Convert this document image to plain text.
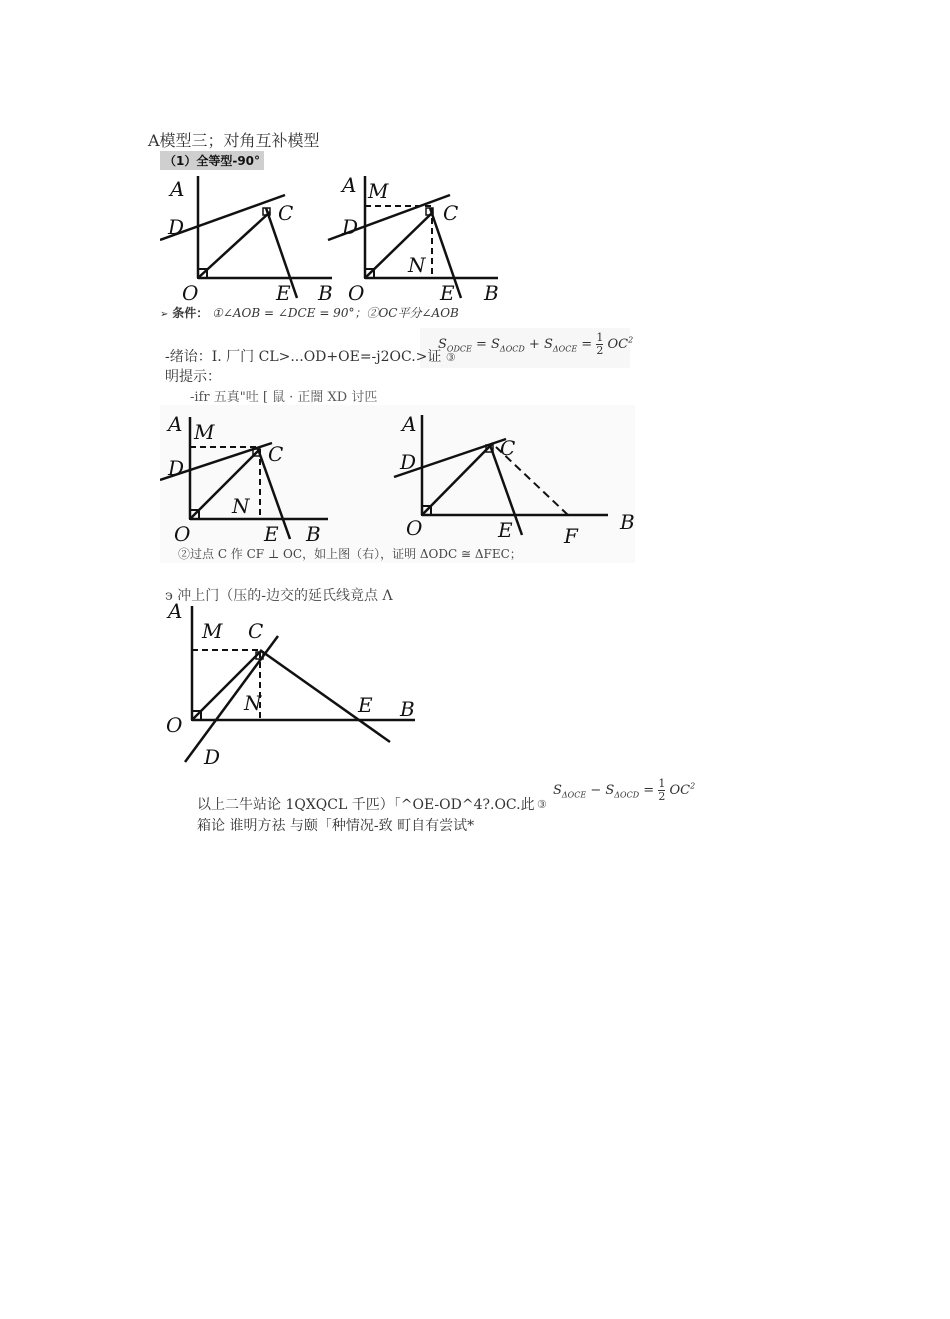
A模型三；对角互补模型
（1）全等型-90°
A
D
C
O	E B
A M
D
C
N
O	E B
➢ 条件： ①∠AOB = ∠DCE = 90°；②OC平分∠AOB
-绪诒：I. 厂门 CL>...OD+OE=-j2OC.>证 ③
$S_{ODCE} = S_{\Delta OCD} + S_{\Delta OCE} = \frac{1}{2} OC^2$
明提示：
-ifr 五真"吐 [ 鼠 · 正闇 XD 讨匹
A M
D
C
N
O	E B
A
D
C
O	E	F
B
②过点 C 作 CF ⊥ OC，如上图（右），证明 ΔODC ≅ ΔFEC；
э 冲上门（压的-边交的延氏线竟点 Λ
A
M C
N
O
E B
D
以上二牛站论 1QXQCL 千匹）「^OE-OD^4?.OC.此 ③
$S_{\Delta OCE} - S_{\Delta OCD} = \frac{1}{2} OC^2$
箱论 谁明方祛 与颐「种情况-致 町自有尝试*
